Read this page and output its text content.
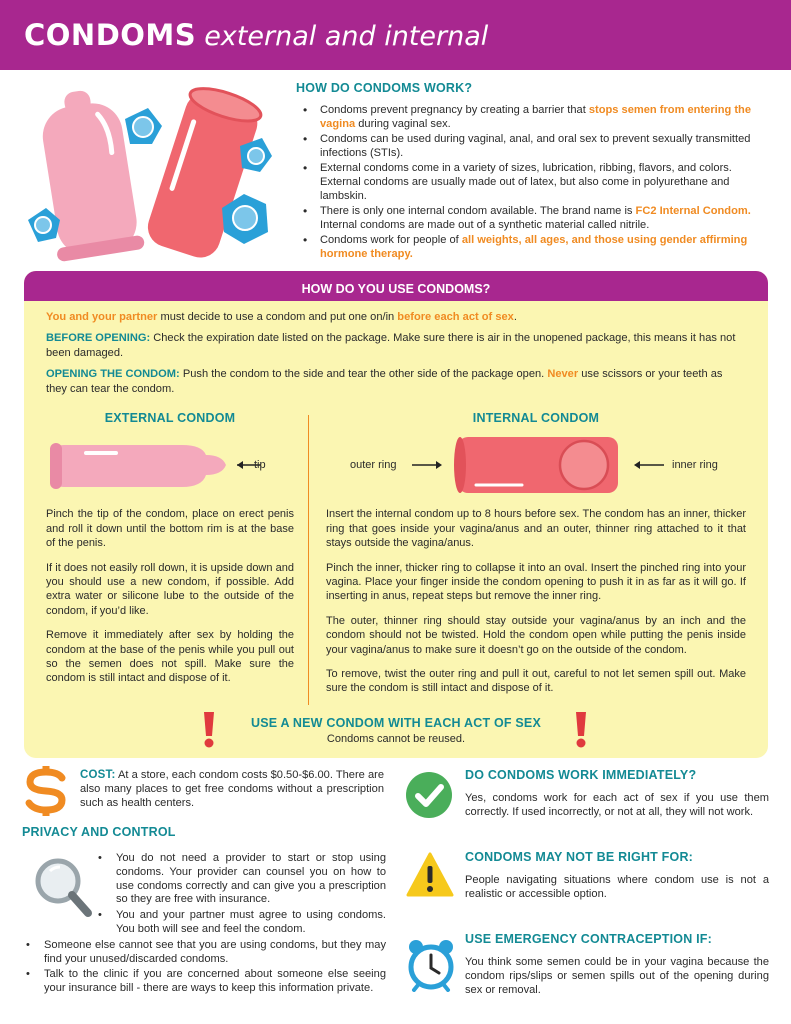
CONDOMS external and internal
HOW DO CONDOMS WORK?
• Condoms prevent pregnancy by creating a barrier that stops semen from entering the vagina during vaginal sex.
• Condoms can be used during vaginal, anal, and oral sex to prevent sexually transmitted infections (STIs).
• External condoms come in a variety of sizes, lubrication, ribbing, flavors, and colors. External condoms are usually made out of latex, but also come in polyurethane and lambskin.
• There is only one internal condom available. The brand name is FC2 Internal Condom. Internal condoms are made out of a synthetic material called nitrile.
• Condoms work for people of all weights, all ages, and those using gender affirming hormone therapy.
HOW DO YOU USE CONDOMS?

You and your partner must decide to use a condom and put one on/in before each act of sex.

BEFORE OPENING: Check the expiration date listed on the package. Make sure there is air in the unopened package, this means it has not been damaged.

OPENING THE CONDOM: Push the condom to the side and tear the other side of the package open. Never use scissors or your teeth as they can tear the condom.

EXTERNAL CONDOM
tip

Pinch the tip of the condom, place on erect penis and roll it down until the bottom rim is at the base of the penis.

If it does not easily roll down, it is upside down and you should use a new condom, if possible. Add extra water or silicone lube to the outside of the condom, if you’d like.

Remove it immediately after sex by holding the condom at the base of the penis while you pull out so the semen does not spill. Make sure the condom is still intact and dispose of it.

INTERNAL CONDOM
outer ring	inner ring

Insert the internal condom up to 8 hours before sex. The condom has an inner, thicker ring that goes inside your vagina/anus and an outer, thinner ring attached to it that stays outside the vagina/anus.

Pinch the inner, thicker ring to collapse it into an oval. Insert the pinched ring into your vagina. Place your finger inside the condom opening to push it in as far as it will go. If inserting in anus, repeat steps but remove the inner ring.

The outer, thinner ring should stay outside your vagina/anus by an inch and the condom should not be twisted. Hold the condom open while putting the penis inside your vagina/anus to make sure it doesn’t go on the outside of the condom.

To remove, twist the outer ring and pull it out, careful to not let semen spill out. Make sure the condom is still intact and dispose of it.

USE A NEW CONDOM WITH EACH ACT OF SEX
Condoms cannot be reused.
COST: At a store, each condom costs $0.50-$6.00. There are also many places to get free condoms without a prescription such as health centers.
PRIVACY AND CONTROL
• You do not need a provider to start or stop using condoms. Your provider can counsel you on how to use condoms correctly and can give you a prescription so they are free with insurance.
• You and your partner must agree to using condoms. You both will see and feel the condom.
• Someone else cannot see that you are using condoms, but they may find your unused/discarded condoms.
• Talk to the clinic if you are concerned about someone else seeing your insurance bill - there are ways to keep this information private.
DO CONDOMS WORK IMMEDIATELY?

Yes, condoms work for each act of sex if you use them correctly. If used incorrectly, or not at all, they will not work.

CONDOMS MAY NOT BE RIGHT FOR:

People navigating situations where condom use is not a realistic or accessible option.

USE EMERGENCY CONTRACEPTION IF:

You think some semen could be in your vagina because the condom rips/slips or semen spills out of the opening during sex or removal.
